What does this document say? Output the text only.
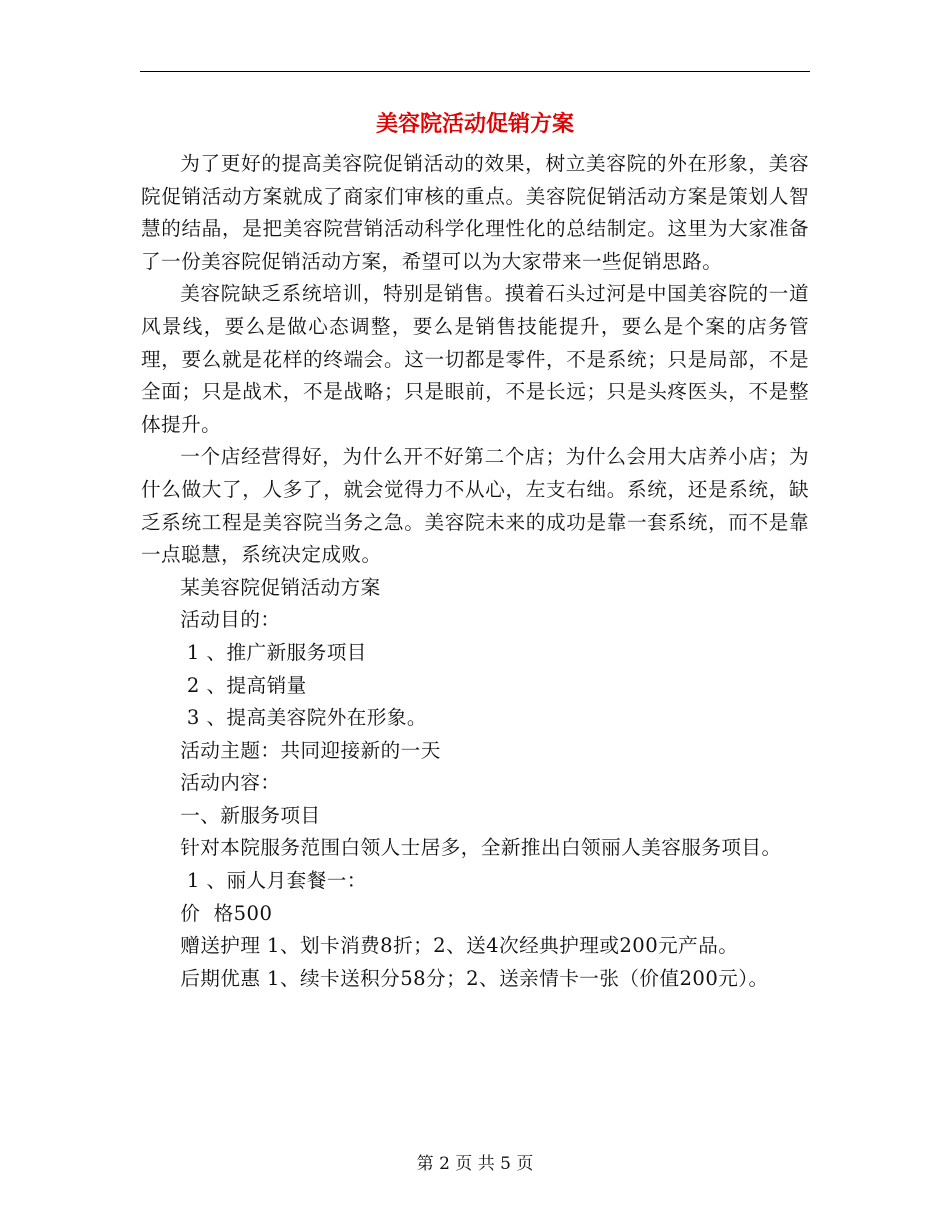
美容院活动促销方案

为了更好的提高美容院促销活动的效果，树立美容院的外在形象，美容院促销活动方案就成了商家们审核的重点。美容院促销活动方案是策划人智慧的结晶，是把美容院营销活动科学化理性化的总结制定。这里为大家准备了一份美容院促销活动方案，希望可以为大家带来一些促销思路。

美容院缺乏系统培训，特别是销售。摸着石头过河是中国美容院的一道风景线，要么是做心态调整，要么是销售技能提升，要么是个案的店务管理，要么就是花样的终端会。这一切都是零件，不是系统；只是局部，不是全面；只是战术，不是战略；只是眼前，不是长远；只是头疼医头，不是整体提升。

一个店经营得好，为什么开不好第二个店；为什么会用大店养小店；为什么做大了，人多了，就会觉得力不从心，左支右绌。系统，还是系统，缺乏系统工程是美容院当务之急。美容院未来的成功是靠一套系统，而不是靠一点聪慧，系统决定成败。

某美容院促销活动方案

活动目的：

1 、推广新服务项目

2 、提高销量

3 、提高美容院外在形象。

活动主题：共同迎接新的一天

活动内容：

一、新服务项目

针对本院服务范围白领人士居多，全新推出白领丽人美容服务项目。

1 、丽人月套餐一：

价  格500

赠送护理 1、划卡消费8折；2、送4次经典护理或200元产品。

后期优惠 1、续卡送积分58分；2、送亲情卡一张（价值200元）。

第 2 页 共 5 页
